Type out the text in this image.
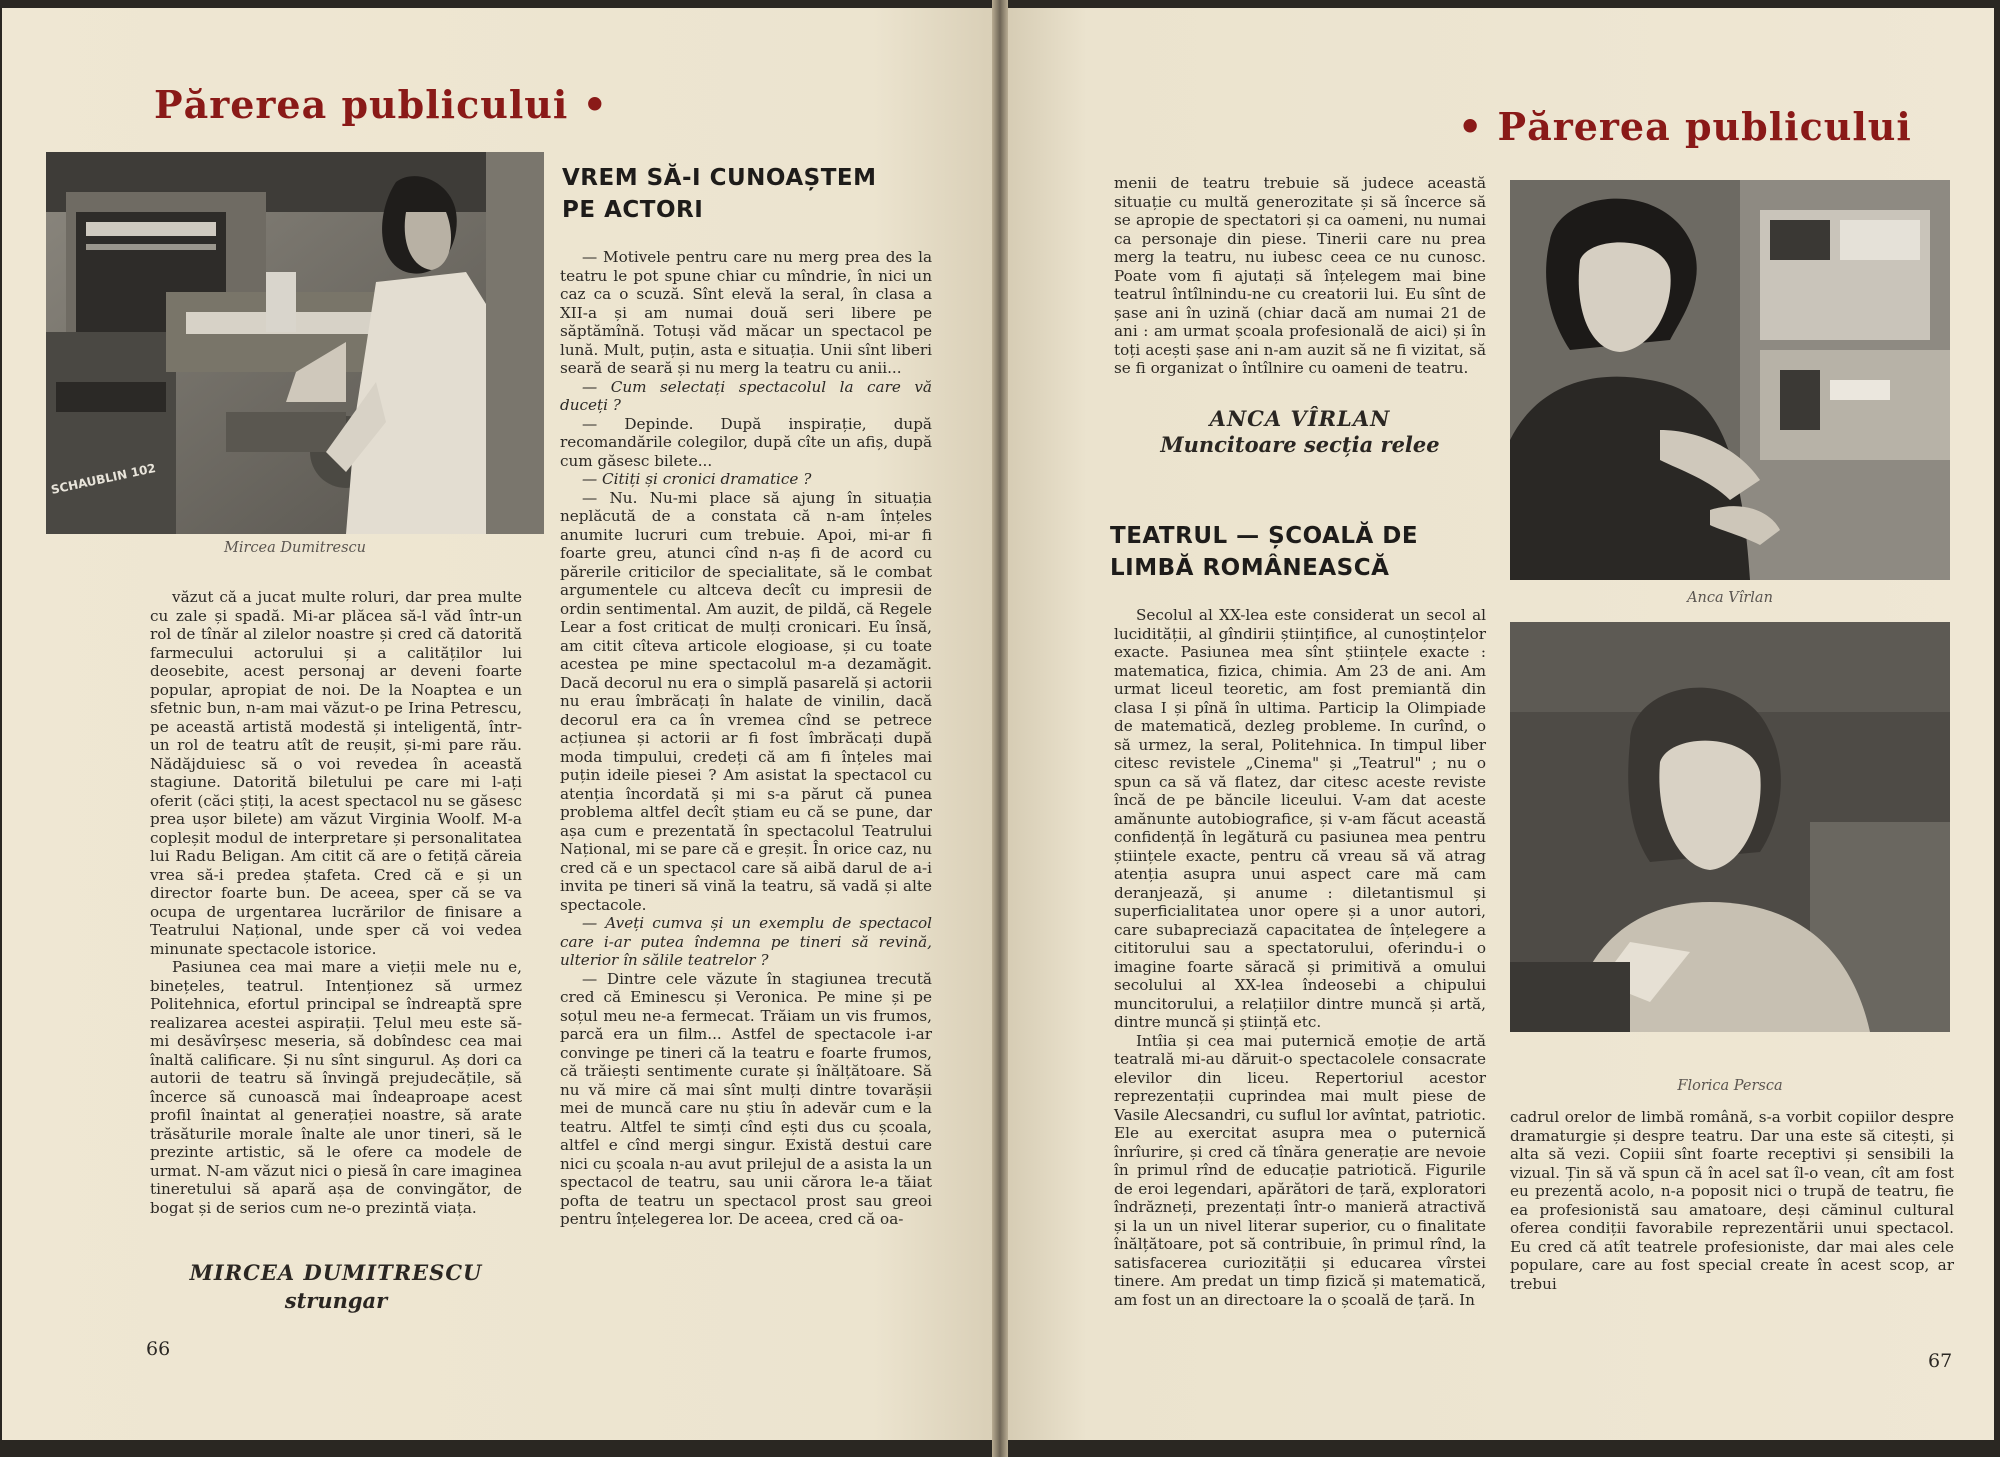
Părerea publicului •
SCHAUBLIN 102
Mircea Dumitrescu

văzut că a jucat multe roluri, dar prea multe cu zale și spadă. Mi-ar plăcea să-l văd într-un rol de tînăr al zilelor noastre și cred că datorită farmecului actorului și a calităților lui deosebite, acest personaj ar deveni foarte popular, apropiat de noi. De la Noaptea e un sfetnic bun, n-am mai văzut-o pe Irina Petrescu, pe această artistă modestă și inteligentă, într-un rol de teatru atît de reușit, și-mi pare rău. Nădăjduiesc să o voi revedea în această stagiune. Datorită biletului pe care mi l-ați oferit (căci știți, la acest spectacol nu se găsesc prea ușor bilete) am văzut Virginia Woolf. M-a copleșit modul de interpretare și personalitatea lui Radu Beligan. Am citit că are o fetiță căreia vrea să-i predea ștafeta. Cred că e și un director foarte bun. De aceea, sper că se va ocupa de urgentarea lucrărilor de finisare a Teatrului Național, unde sper că voi vedea minunate spectacole istorice.

Pasiunea cea mai mare a vieții mele nu e, binețeles, teatrul. Intenționez să urmez Politehnica, efortul principal se îndreaptă spre realizarea acestei aspirații. Țelul meu este să-mi desăvîrșesc meseria, să dobîndesc cea mai înaltă calificare. Și nu sînt singurul. Aș dori ca autorii de teatru să învingă prejudecățile, să încerce să cunoască mai îndeaproape acest profil înaintat al generației noastre, să arate trăsăturile morale înalte ale unor tineri, să le prezinte artistic, să le ofere ca modele de urmat. N-am văzut nici o piesă în care imaginea tineretului să apară așa de convingător, de bogat și de serios cum ne-o prezintă viața.

MIRCEA DUMITRESCU
strungar
VREM SĂ-I CUNOAȘTEM
PE ACTORI

— Motivele pentru care nu merg prea des la teatru le pot spune chiar cu mîndrie, în nici un caz ca o scuză. Sînt elevă la seral, în clasa a XII-a și am numai două seri libere pe săptămînă. Totuși văd măcar un spectacol pe lună. Mult, puțin, asta e situația. Unii sînt liberi seară de seară și nu merg la teatru cu anii...

— Cum selectați spectacolul la care vă duceți ?

— Depinde. După inspirație, după recomandările colegilor, după cîte un afiș, după cum găsesc bilete...

— Citiți și cronici dramatice ?

— Nu. Nu-mi place să ajung în situația neplăcută de a constata că n-am înțeles anumite lucruri cum trebuie. Apoi, mi-ar fi foarte greu, atunci cînd n-aș fi de acord cu părerile criticilor de specialitate, să le combat argumentele cu altceva decît cu impresii de ordin sentimental. Am auzit, de pildă, că Regele Lear a fost criticat de mulți cronicari. Eu însă, am citit cîteva articole elogioase, și cu toate acestea pe mine spectacolul m-a dezamăgit. Dacă decorul nu era o simplă pasarelă și actorii nu erau îmbrăcați în halate de vinilin, dacă decorul era ca în vremea cînd se petrece acțiunea și actorii ar fi fost îmbrăcați după moda timpului, credeți că am fi înțeles mai puțin ideile piesei ? Am asistat la spectacol cu atenția încordată și mi s-a părut că punea problema altfel decît știam eu că se pune, dar așa cum e prezentată în spectacolul Teatrului Național, mi se pare că e greșit. În orice caz, nu cred că e un spectacol care să aibă darul de a-i invita pe tineri să vină la teatru, să vadă și alte spectacole.

— Aveți cumva și un exemplu de spectacol care i-ar putea îndemna pe tineri să revină, ulterior în sălile teatrelor ?

— Dintre cele văzute în stagiunea trecută cred că Eminescu și Veronica. Pe mine și pe soțul meu ne-a fermecat. Trăiam un vis frumos, parcă era un film... Astfel de spectacole i-ar convinge pe tineri că la teatru e foarte frumos, că trăiești sentimente curate și înălțătoare. Să nu vă mire că mai sînt mulți dintre tovarășii mei de muncă care nu știu în adevăr cum e la teatru. Altfel te simți cînd ești dus cu școala, altfel e cînd mergi singur. Există destui care nici cu școala n-au avut prilejul de a asista la un spectacol de teatru, sau unii cărora le-a tăiat pofta de teatru un spectacol prost sau greoi pentru înțelegerea lor. De aceea, cred că oa-

66
• Părerea publicului

menii de teatru trebuie să judece această situație cu multă generozitate și să încerce să se apropie de spectatori și ca oameni, nu numai ca personaje din piese. Tinerii care nu prea merg la teatru, nu iubesc ceea ce nu cunosc. Poate vom fi ajutați să înțelegem mai bine teatrul întîlnindu-ne cu creatorii lui. Eu sînt de șase ani în uzină (chiar dacă am numai 21 de ani : am urmat școala profesională de aici) și în toți acești șase ani n-am auzit să ne fi vizitat, să se fi organizat o întîlnire cu oameni de teatru.

ANCA VÎRLAN
Muncitoare secția relee
TEATRUL — ȘCOALĂ DE
LIMBĂ ROMÂNEASCĂ

Secolul al XX-lea este considerat un secol al lucidității, al gîndirii științifice, al cunoștințelor exacte. Pasiunea mea sînt științele exacte : matematica, fizica, chimia. Am 23 de ani. Am urmat liceul teoretic, am fost premiantă din clasa I și pînă în ultima. Particip la Olimpiade de matematică, dezleg probleme. In curînd, o să urmez, la seral, Politehnica. In timpul liber citesc revistele „Cinema" și „Teatrul" ; nu o spun ca să vă flatez, dar citesc aceste reviste încă de pe băncile liceului. V-am dat aceste amănunte autobiografice, și v-am făcut această confidență în legătură cu pasiunea mea pentru științele exacte, pentru că vreau să vă atrag atenția asupra unui aspect care mă cam deranjează, și anume : diletantismul și superficialitatea unor opere și a unor autori, care subapreciază capacitatea de înțelegere a cititorului sau a spectatorului, oferindu-i o imagine foarte săracă și primitivă a omului secolului al XX-lea îndeosebi a chipului muncitorului, a relațiilor dintre muncă și artă, dintre muncă și știință etc.

Intîia și cea mai puternică emoție de artă teatrală mi-au dăruit-o spectacolele consacrate elevilor din liceu. Repertoriul acestor reprezentații cuprindea mai mult piese de Vasile Alecsandri, cu suflul lor avîntat, patriotic. Ele au exercitat asupra mea o puternică înrîurire, și cred că tînăra generație are nevoie în primul rînd de educație patriotică. Figurile de eroi legendari, apărători de țară, exploratori îndrăzneți, prezentați într-o manieră atractivă și la un un nivel literar superior, cu o finalitate înălțătoare, pot să contribuie, în primul rînd, la satisfacerea curiozității și educarea vîrstei tinere. Am predat un timp fizică și matematică, am fost un an directoare la o școală de țară. In

Anca Vîrlan
Florica Persca

cadrul orelor de limbă română, s-a vorbit copiilor despre dramaturgie și despre teatru. Dar una este să citești, și alta să vezi. Copiii sînt foarte receptivi și sensibili la vizual. Țin să vă spun că în acel sat îl-o vean, cît am fost eu prezentă acolo, n-a poposit nici o trupă de teatru, fie ea profesionistă sau amatoare, deși căminul cultural oferea condiții favorabile reprezentării unui spectacol. Eu cred că atît teatrele profesioniste, dar mai ales cele populare, care au fost special create în acest scop, ar trebui

67
